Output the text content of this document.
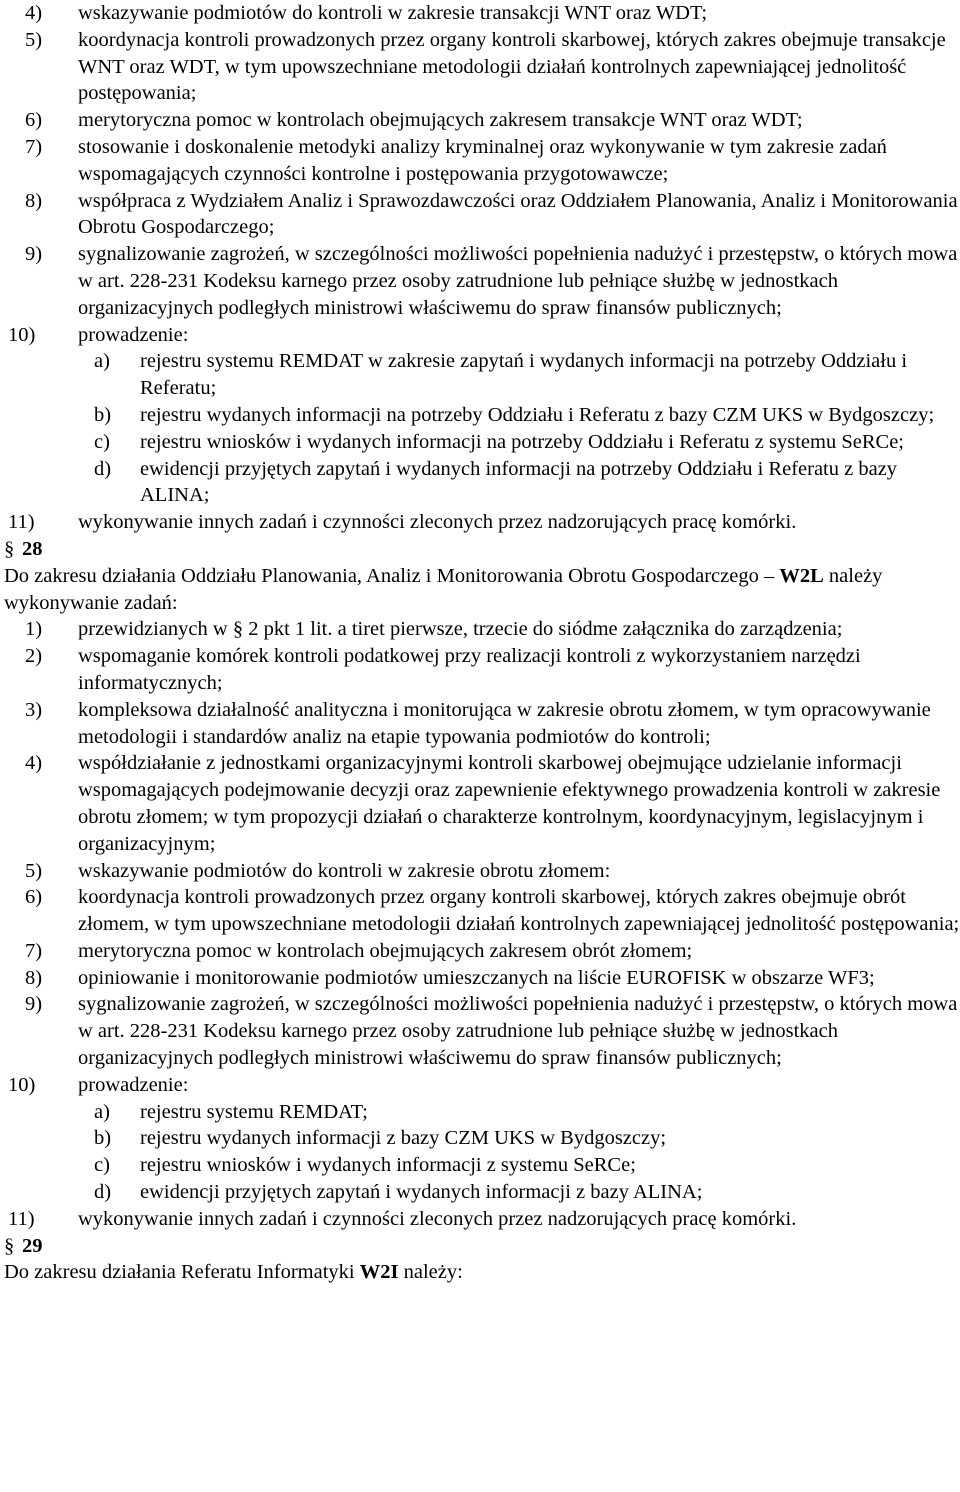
4) wskazywanie podmiotów do kontroli w zakresie transakcji WNT oraz WDT;

5) koordynacja kontroli prowadzonych przez organy kontroli skarbowej, których zakres obejmuje transakcje WNT oraz WDT, w tym upowszechniane metodologii działań kontrolnych zapewniającej jednolitość postępowania;

6) merytoryczna pomoc w kontrolach obejmujących zakresem transakcje WNT oraz WDT;

7) stosowanie i doskonalenie metodyki analizy kryminalnej oraz wykonywanie w tym zakresie zadań wspomagających czynności kontrolne i postępowania przygotowawcze;

8) współpraca z Wydziałem Analiz i Sprawozdawczości oraz Oddziałem Planowania, Analiz i Monitorowania Obrotu Gospodarczego;

9) sygnalizowanie zagrożeń, w szczególności możliwości popełnienia nadużyć i przestępstw, o których mowa w art. 228-231 Kodeksu karnego przez osoby zatrudnione lub pełniące służbę w jednostkach organizacyjnych podległych ministrowi właściwemu do spraw finansów publicznych;

10) prowadzenie:

a) rejestru systemu REMDAT w zakresie zapytań i wydanych informacji na potrzeby Oddziału i Referatu;

b) rejestru wydanych informacji na potrzeby Oddziału i Referatu z bazy CZM UKS w Bydgoszczy;

c) rejestru wniosków i wydanych informacji na potrzeby Oddziału i Referatu z systemu SeRCe;

d) ewidencji przyjętych zapytań i wydanych informacji na potrzeby Oddziału i Referatu z bazy ALINA;

11) wykonywanie innych zadań i czynności zleconych przez nadzorujących pracę komórki.

§ 28

Do zakresu działania Oddziału Planowania, Analiz i Monitorowania Obrotu Gospodarczego – W2L należy wykonywanie zadań:

1) przewidzianych w § 2 pkt 1 lit. a tiret pierwsze, trzecie do siódme załącznika do zarządzenia;

2) wspomaganie komórek kontroli podatkowej przy realizacji kontroli z wykorzystaniem narzędzi informatycznych;

3) kompleksowa działalność analityczna i monitorująca w zakresie obrotu złomem, w tym opracowywanie metodologii i standardów analiz na etapie typowania podmiotów do kontroli;

4) współdziałanie z jednostkami organizacyjnymi kontroli skarbowej obejmujące udzielanie informacji wspomagających podejmowanie decyzji oraz zapewnienie efektywnego prowadzenia kontroli w zakresie obrotu złomem; w tym propozycji działań o charakterze kontrolnym, koordynacyjnym, legislacyjnym i organizacyjnym;

5) wskazywanie podmiotów do kontroli w zakresie obrotu złomem:

6) koordynacja kontroli prowadzonych przez organy kontroli skarbowej, których zakres obejmuje obrót złomem, w tym upowszechniane metodologii działań kontrolnych zapewniającej jednolitość postępowania;

7) merytoryczna pomoc w kontrolach obejmujących zakresem obrót złomem;

8) opiniowanie i monitorowanie podmiotów umieszczanych na liście EUROFISK w obszarze WF3;

9) sygnalizowanie zagrożeń, w szczególności możliwości popełnienia nadużyć i przestępstw, o których mowa w art. 228-231 Kodeksu karnego przez osoby zatrudnione lub pełniące służbę w jednostkach organizacyjnych podległych ministrowi właściwemu do spraw finansów publicznych;

10) prowadzenie:

a) rejestru systemu REMDAT;

b) rejestru wydanych informacji z bazy CZM UKS w Bydgoszczy;

c) rejestru wniosków i wydanych informacji z systemu SeRCe;

d) ewidencji przyjętych zapytań i wydanych informacji z bazy ALINA;

11) wykonywanie innych zadań i czynności zleconych przez nadzorujących pracę komórki.

§ 29

Do zakresu działania Referatu Informatyki W2I należy:
